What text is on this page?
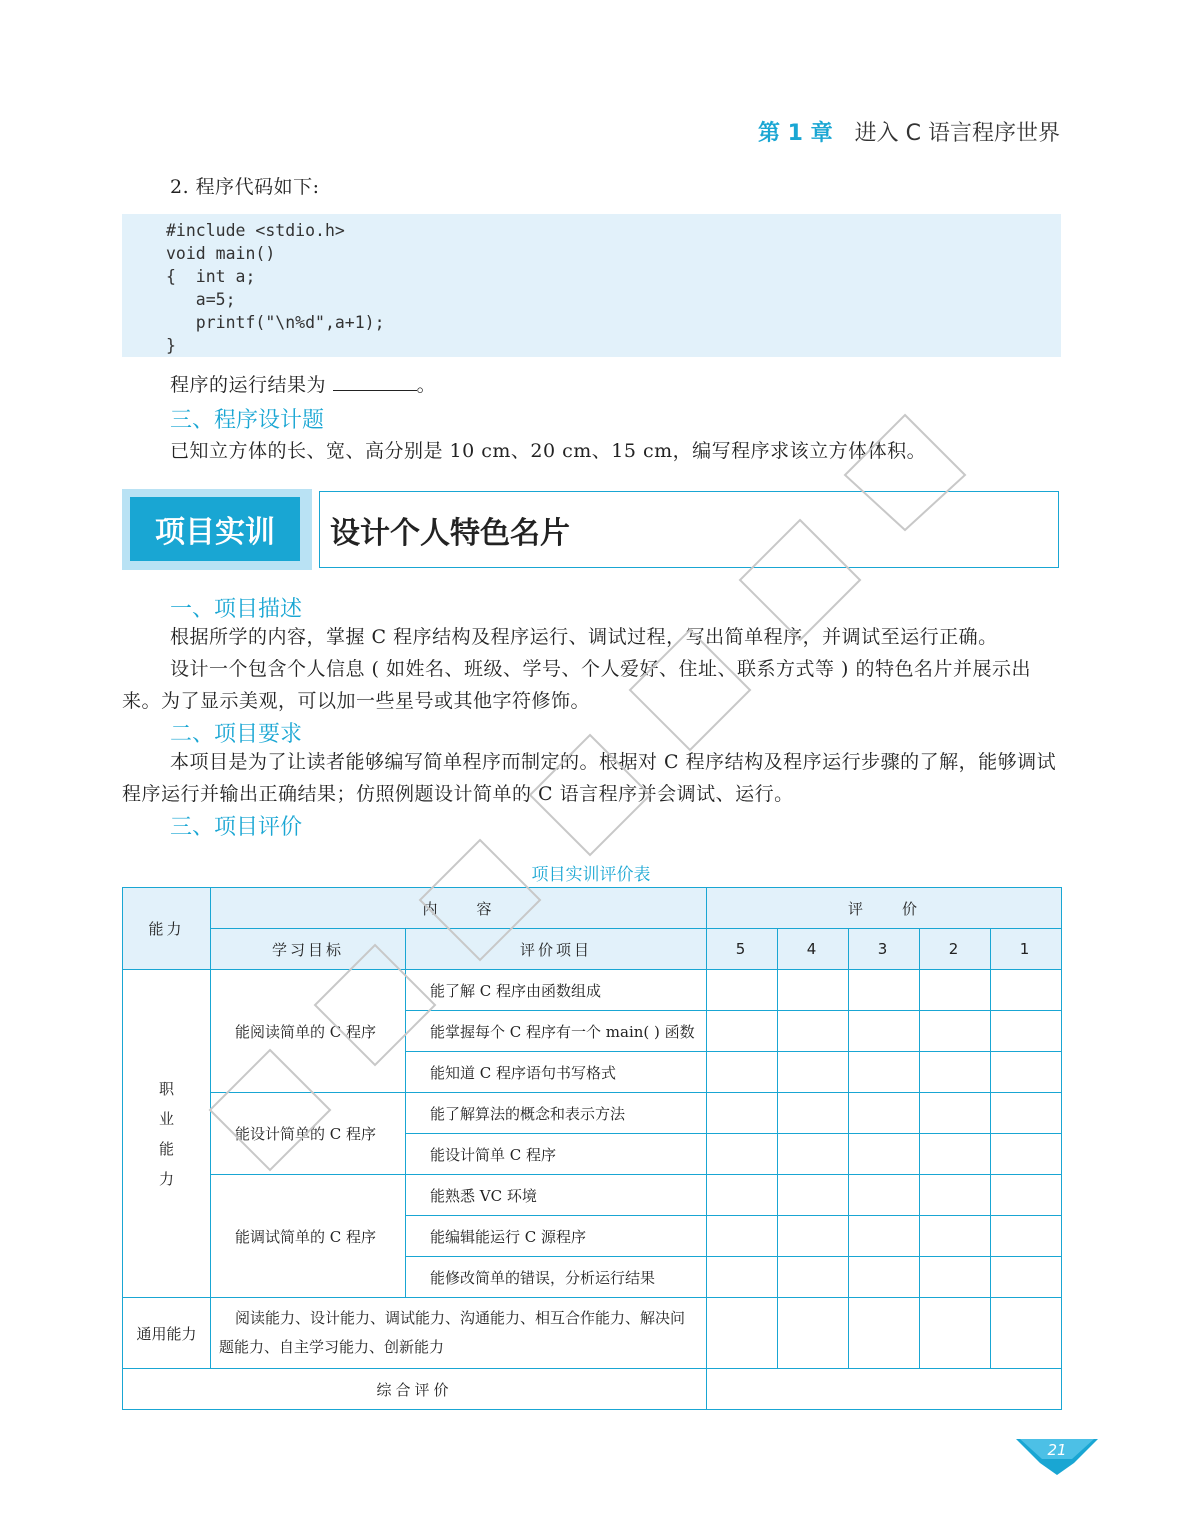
第 1 章 进入 C 语言程序世界
2. 程序代码如下:
#include <stdio.h>
void main()
{  int a;
a=5;
printf("\n%d",a+1);
}
程序的运行结果为	。
三、程序设计题
已知立方体的长、宽、高分别是 10 cm、20 cm、15 cm，编写程序求该立方体体积。
项目实训	设计个人特色名片
一、项目描述
根据所学的内容，掌握 C 程序结构及程序运行、调试过程，写出简单程序，并调试至运行正确。
设计一个包含个人信息 ( 如姓名、班级、学号、个人爱好、住址、联系方式等 ) 的特色名片并展示出来。为了显示美观，可以加一些星号或其他字符修饰。
二、项目要求
本项目是为了让读者能够编写简单程序而制定的。根据对 C 程序结构及程序运行步骤的了解，能够调试程序运行并输出正确结果；仿照例题设计简单的 C 语言程序并会调试、运行。
三、项目评价
项目实训评价表
能力	内　　容		评　　价				
	学习目标	评价项目	5	4	3	2	1
职业能力	能阅读简单的 C 程序	能了解 C 程序由函数组成					
		能掌握每个 C 程序有一个 main( ) 函数					
		能知道 C 程序语句书写格式					
	能设计简单的 C 程序	能了解算法的概念和表示方法					
		能设计简单 C 程序					
	能调试简单的 C 程序	能熟悉 VC 环境					
		能编辑能运行 C 源程序					
		能修改简单的错误，分析运行结果					
通用能力	阅读能力、设计能力、调试能力、沟通能力、相互合作能力、解决问题能力、自主学习能力、创新能力						
综合评价							
21
